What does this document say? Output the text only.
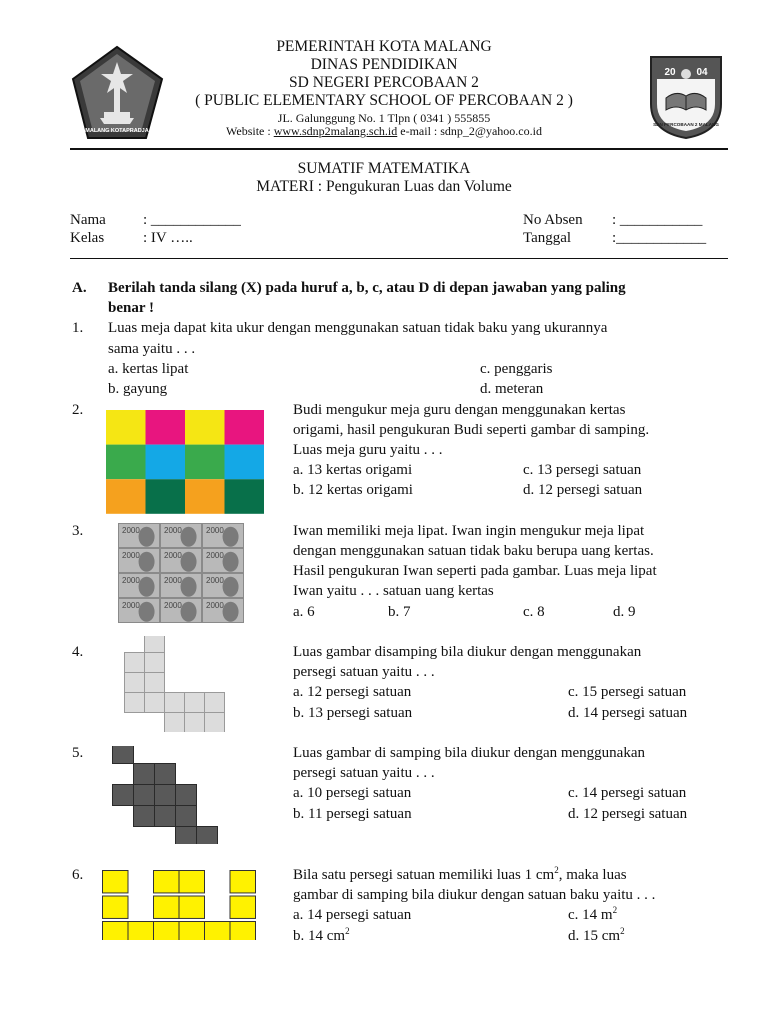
MALANG KOTAPRADJA
20 04
SDN PERCOBAAN 2 MALANG
PEMERINTAH KOTA MALANG
DINAS PENDIDIKAN
SD NEGERI PERCOBAAN 2
( PUBLIC ELEMENTARY SCHOOL OF PERCOBAAN 2 )
JL. Galunggung No. 1 Tlpn ( 0341 ) 555855
Website : www.sdnp2malang.sch.id e-mail : sdnp_2@yahoo.co.id
SUMATIF MATEMATIKA
MATERI : Pengukuran Luas dan Volume
Nama : ____________
Kelas	: IV …..
No Absen : ___________
Tanggal	:____________
A. Berilah tanda silang (X) pada huruf a, b, c, atau D di depan jawaban yang paling
benar !
1. Luas meja dapat kita ukur dengan menggunakan satuan tidak baku yang ukurannya
sama yaitu . . .
a. kertas lipat
b. gayung
c. penggaris
d. meteran
2.	Budi mengukur meja guru dengan menggunakan kertas
origami, hasil pengukuran Budi seperti gambar di samping.
Luas meja guru yaitu . . .
a. 13 kertas origami
b. 12 kertas origami
c. 13 persegi satuan
d. 12 persegi satuan
3.	2000	2000	2000
2000	2000	2000
2000	2000	2000
2000	2000	2000
Iwan memiliki meja lipat. Iwan ingin mengukur meja lipat
dengan menggunakan satuan tidak baku berupa uang kertas.
Hasil pengukuran Iwan seperti pada gambar. Luas meja lipat
Iwan yaitu . . . satuan uang kertas
a. 6	b. 7	c. 8	d. 9
4.	Luas gambar disamping bila diukur dengan menggunakan
persegi satuan yaitu . . .
a. 12 persegi satuan
b. 13 persegi satuan
c. 15 persegi satuan
d. 14 persegi satuan
5.	Luas gambar di samping bila diukur dengan menggunakan
persegi satuan yaitu . . .
a. 10 persegi satuan
b. 11 persegi satuan
c. 14 persegi satuan
d. 12 persegi satuan
6.	Bila satu persegi satuan memiliki luas 1 $cm^2$, maka luas
gambar di samping bila diukur dengan satuan baku yaitu . . .
a. 14 persegi satuan
b. 14 $cm^2$
c. 14 $m^2$
d. 15 $cm^2$
